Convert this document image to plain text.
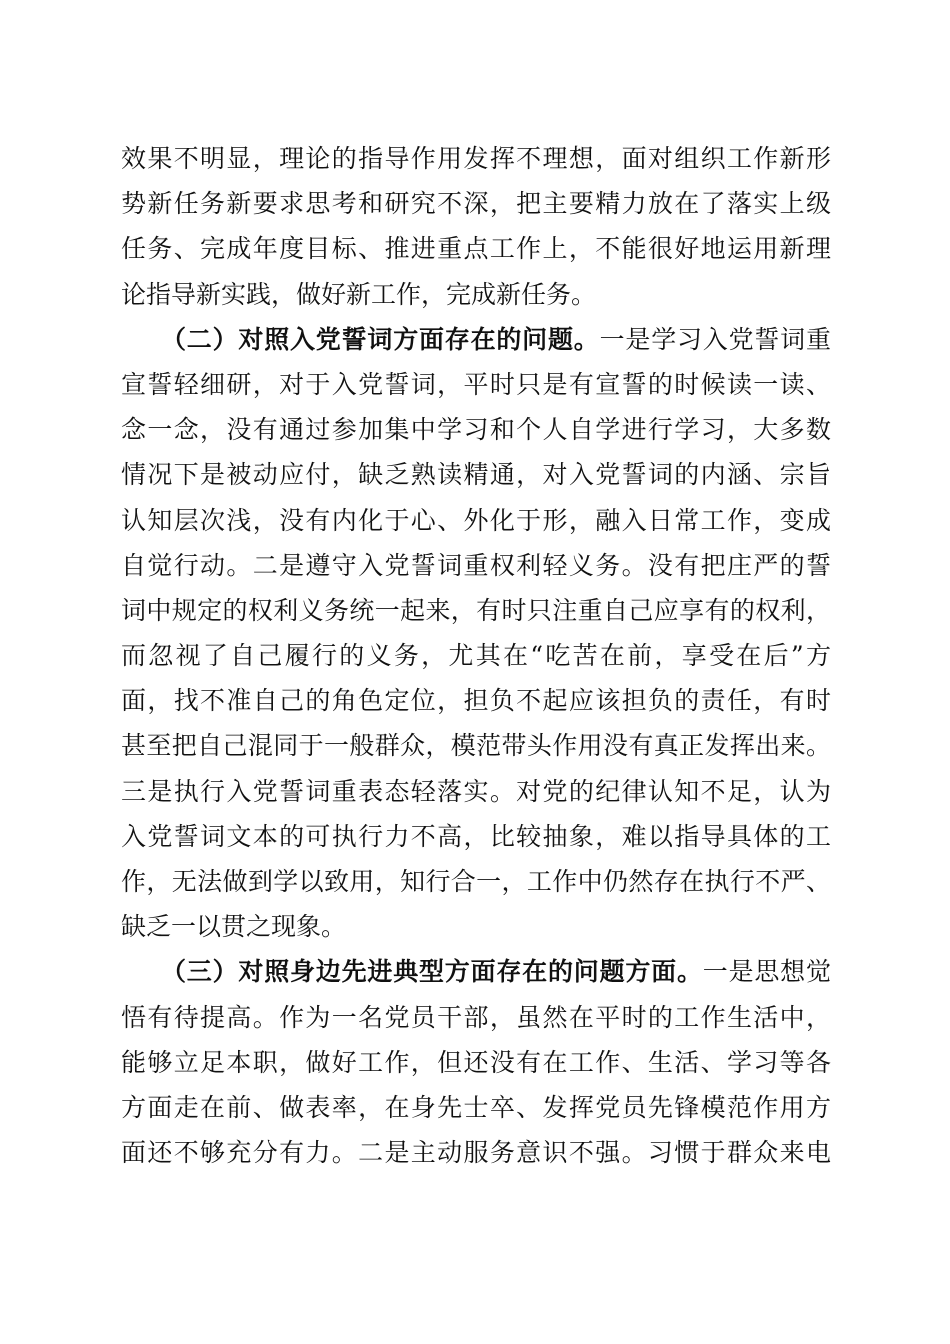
效果不明显，理论的指导作用发挥不理想，面对组织工作新形
势新任务新要求思考和研究不深，把主要精力放在了落实上级
任务、完成年度目标、推进重点工作上，不能很好地运用新理
论指导新实践，做好新工作，完成新任务。
（二）对照入党誓词方面存在的问题。一是学习入党誓词重
宣誓轻细研，对于入党誓词，平时只是有宣誓的时候读一读、
念一念，没有通过参加集中学习和个人自学进行学习，大多数
情况下是被动应付，缺乏熟读精通，对入党誓词的内涵、宗旨
认知层次浅，没有内化于心、外化于形，融入日常工作，变成
自觉行动。二是遵守入党誓词重权利轻义务。没有把庄严的誓
词中规定的权利义务统一起来，有时只注重自己应享有的权利，
而忽视了自己履行的义务，尤其在“吃苦在前，享受在后”方
面，找不准自己的角色定位，担负不起应该担负的责任，有时
甚至把自己混同于一般群众，模范带头作用没有真正发挥出来。
三是执行入党誓词重表态轻落实。对党的纪律认知不足，认为
入党誓词文本的可执行力不高，比较抽象，难以指导具体的工
作，无法做到学以致用，知行合一，工作中仍然存在执行不严、
缺乏一以贯之现象。
（三）对照身边先进典型方面存在的问题方面。一是思想觉
悟有待提高。作为一名党员干部，虽然在平时的工作生活中，
能够立足本职，做好工作，但还没有在工作、生活、学习等各
方面走在前、做表率，在身先士卒、发挥党员先锋模范作用方
面还不够充分有力。二是主动服务意识不强。习惯于群众来电
